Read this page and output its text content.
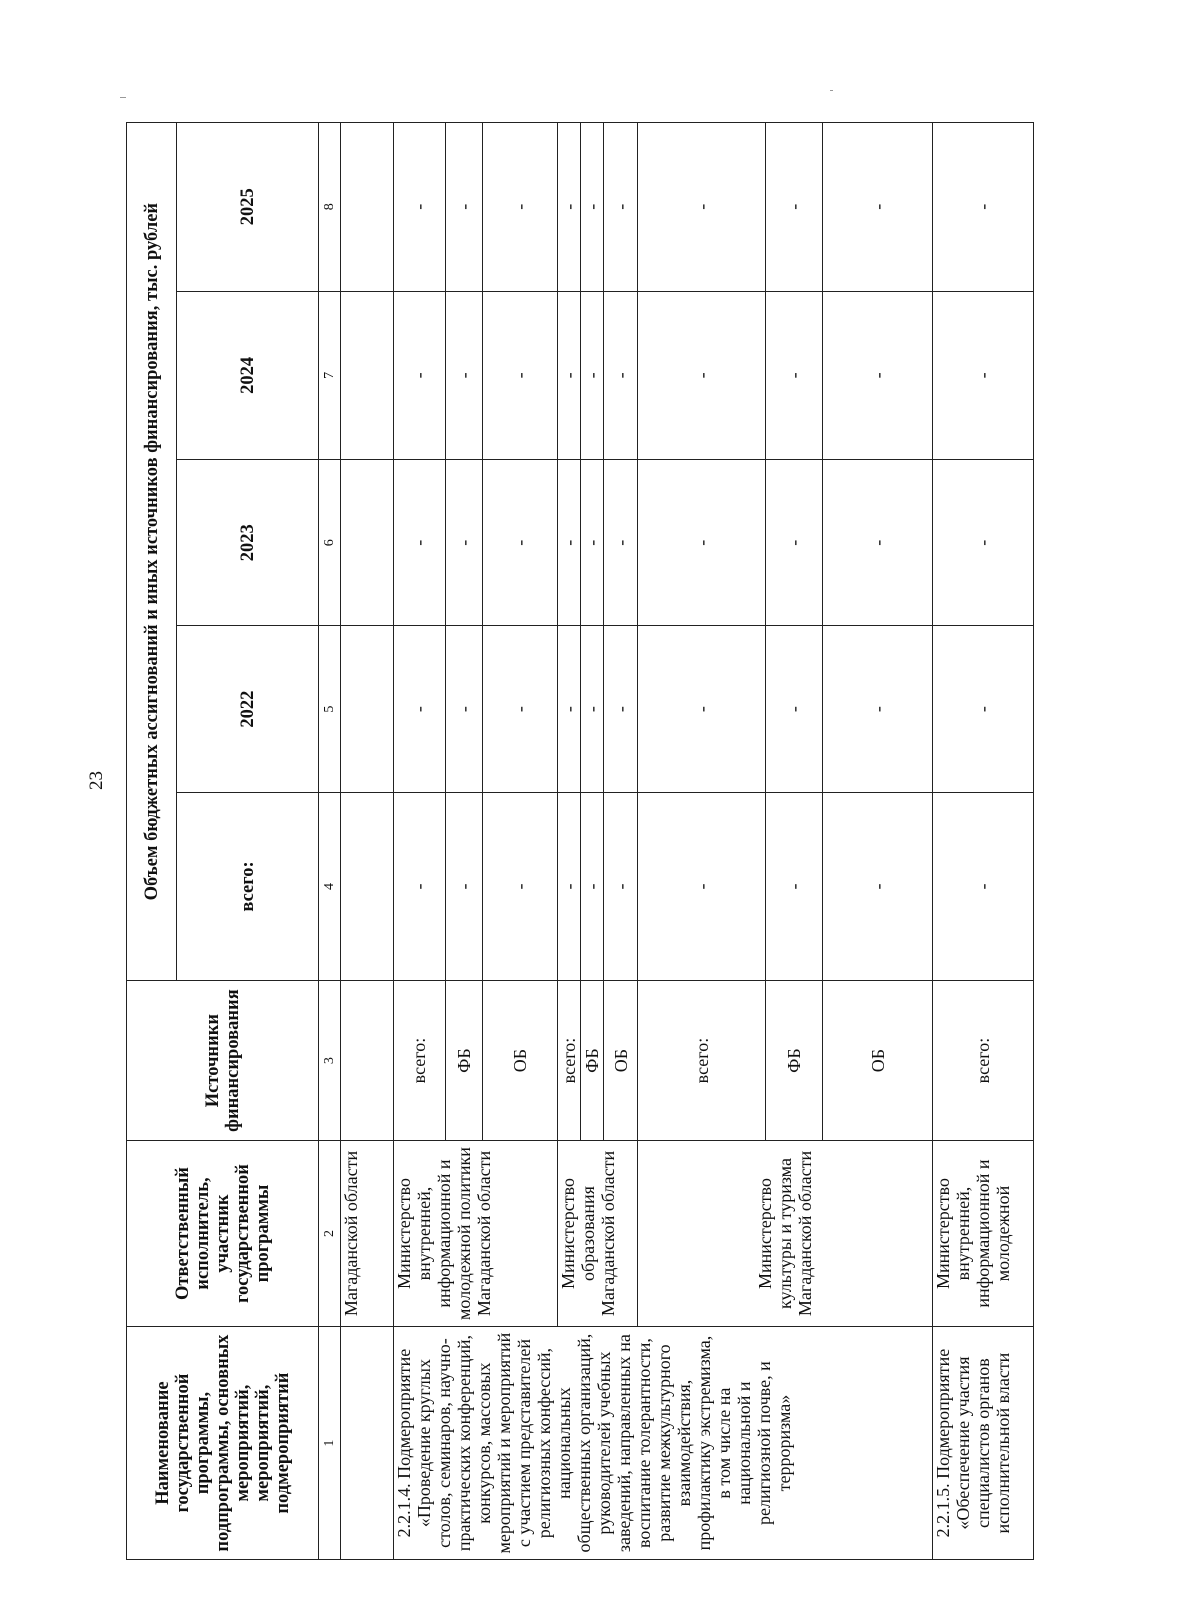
23
Наименование государственной программы, подпрограммы, основных мероприятий, мероприятий, подмероприятий	Ответственный исполнитель, участник государственной программы	Источники финансирования	Объем бюджетных ассигнований и иных источников финансирования, тыс. рублей				
			всего:	2022	2023	2024	2025
1	2	3	4	5	6	7	8
	Магаданской области						
2.2.1.4. Подмероприятие «Проведение круглых столов, семинаров, научно-практических конференций, конкурсов, массовых мероприятий и мероприятий с участием представителей религиозных конфессий, национальных общественных организаций, руководителей учебных заведений, направленных на воспитание толерантности, развитие межкультурного взаимодействия, профилактику экстремизма, в том числе на национальной и религиозной почве, и терроризма»	Министерство внутренней, информационной и молодежной политики Магаданской области	всего:	-	-	-	-	-
		ФБ	-	-	-	-	-
		ОБ	-	-	-	-	-
	Министерство образования Магаданской области	всего:	-	-	-	-	-
		ФБ	-	-	-	-	-
		ОБ	-	-	-	-	-
	Министерство культуры и туризма Магаданской области	всего:	-	-	-	-	-
		ФБ	-	-	-	-	-
		ОБ	-	-	-	-	-
2.2.1.5. Подмероприятие «Обеспечение участия специалистов органов исполнительной власти	Министерство внутренней, информационной и молодежной	всего:	-	-	-	-	-
